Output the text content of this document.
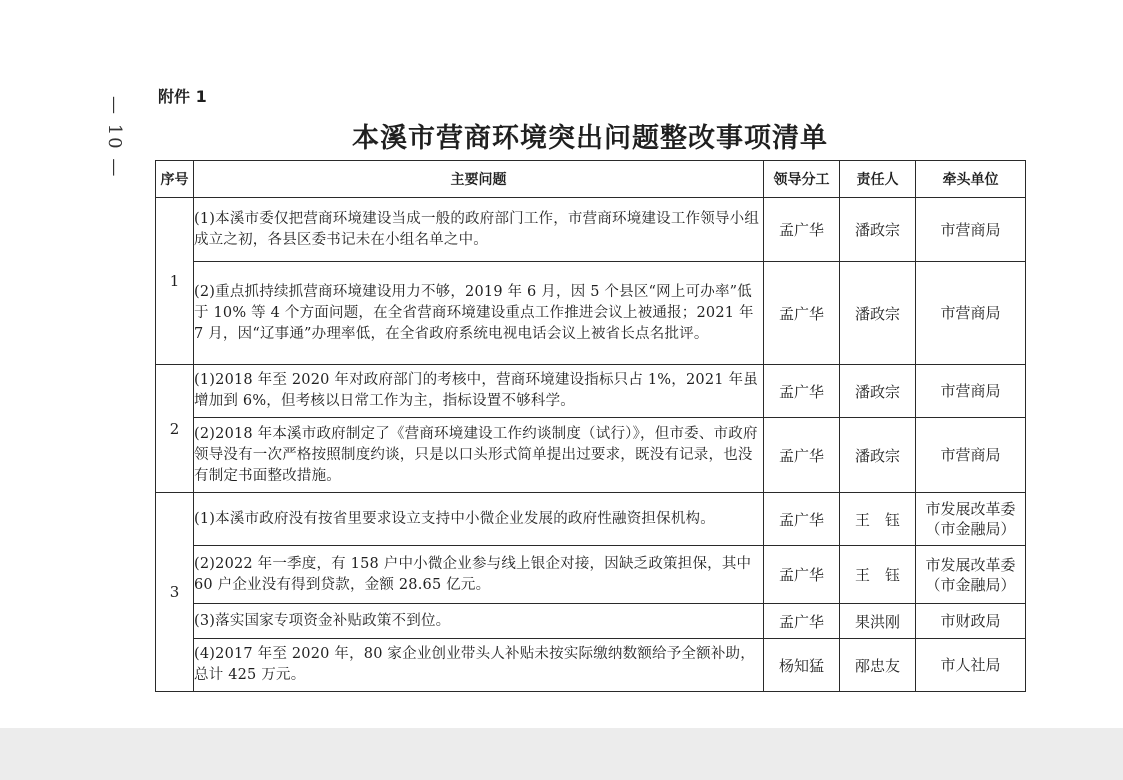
— 10 — 附件 1
本溪市营商环境突出问题整改事项清单
序号	主要问题	领导分工	责任人	牵头单位
1	(1)本溪市委仅把营商环境建设当成一般的政府部门工作，市营商环境建设工作领导小组成立之初，各县区委书记未在小组名单之中。	孟广华	潘政宗	市营商局
	(2)重点抓持续抓营商环境建设用力不够，2019 年 6 月，因 5 个县区“网上可办率”低于 10% 等 4 个方面问题，在全省营商环境建设重点工作推进会议上被通报；2021 年 7 月，因“辽事通”办理率低，在全省政府系统电视电话会议上被省长点名批评。	孟广华	潘政宗	市营商局
2	(1)2018 年至 2020 年对政府部门的考核中，营商环境建设指标只占 1%，2021 年虽增加到 6%，但考核以日常工作为主，指标设置不够科学。	孟广华	潘政宗	市营商局
	(2)2018 年本溪市政府制定了《营商环境建设工作约谈制度（试行）》，但市委、市政府领导没有一次严格按照制度约谈，只是以口头形式简单提出过要求，既没有记录，也没有制定书面整改措施。	孟广华	潘政宗	市营商局
3	(1)本溪市政府没有按省里要求设立支持中小微企业发展的政府性融资担保机构。	孟广华	王　钰	市发展改革委（市金融局）
	(2)2022 年一季度，有 158 户中小微企业参与线上银企对接，因缺乏政策担保，其中 60 户企业没有得到贷款，金额 28.65 亿元。	孟广华	王　钰	市发展改革委（市金融局）
	(3)落实国家专项资金补贴政策不到位。	孟广华	果洪刚	市财政局
	(4)2017 年至 2020 年，80 家企业创业带头人补贴未按实际缴纳数额给予全额补助，总计 425 万元。	杨知猛	邴忠友	市人社局
